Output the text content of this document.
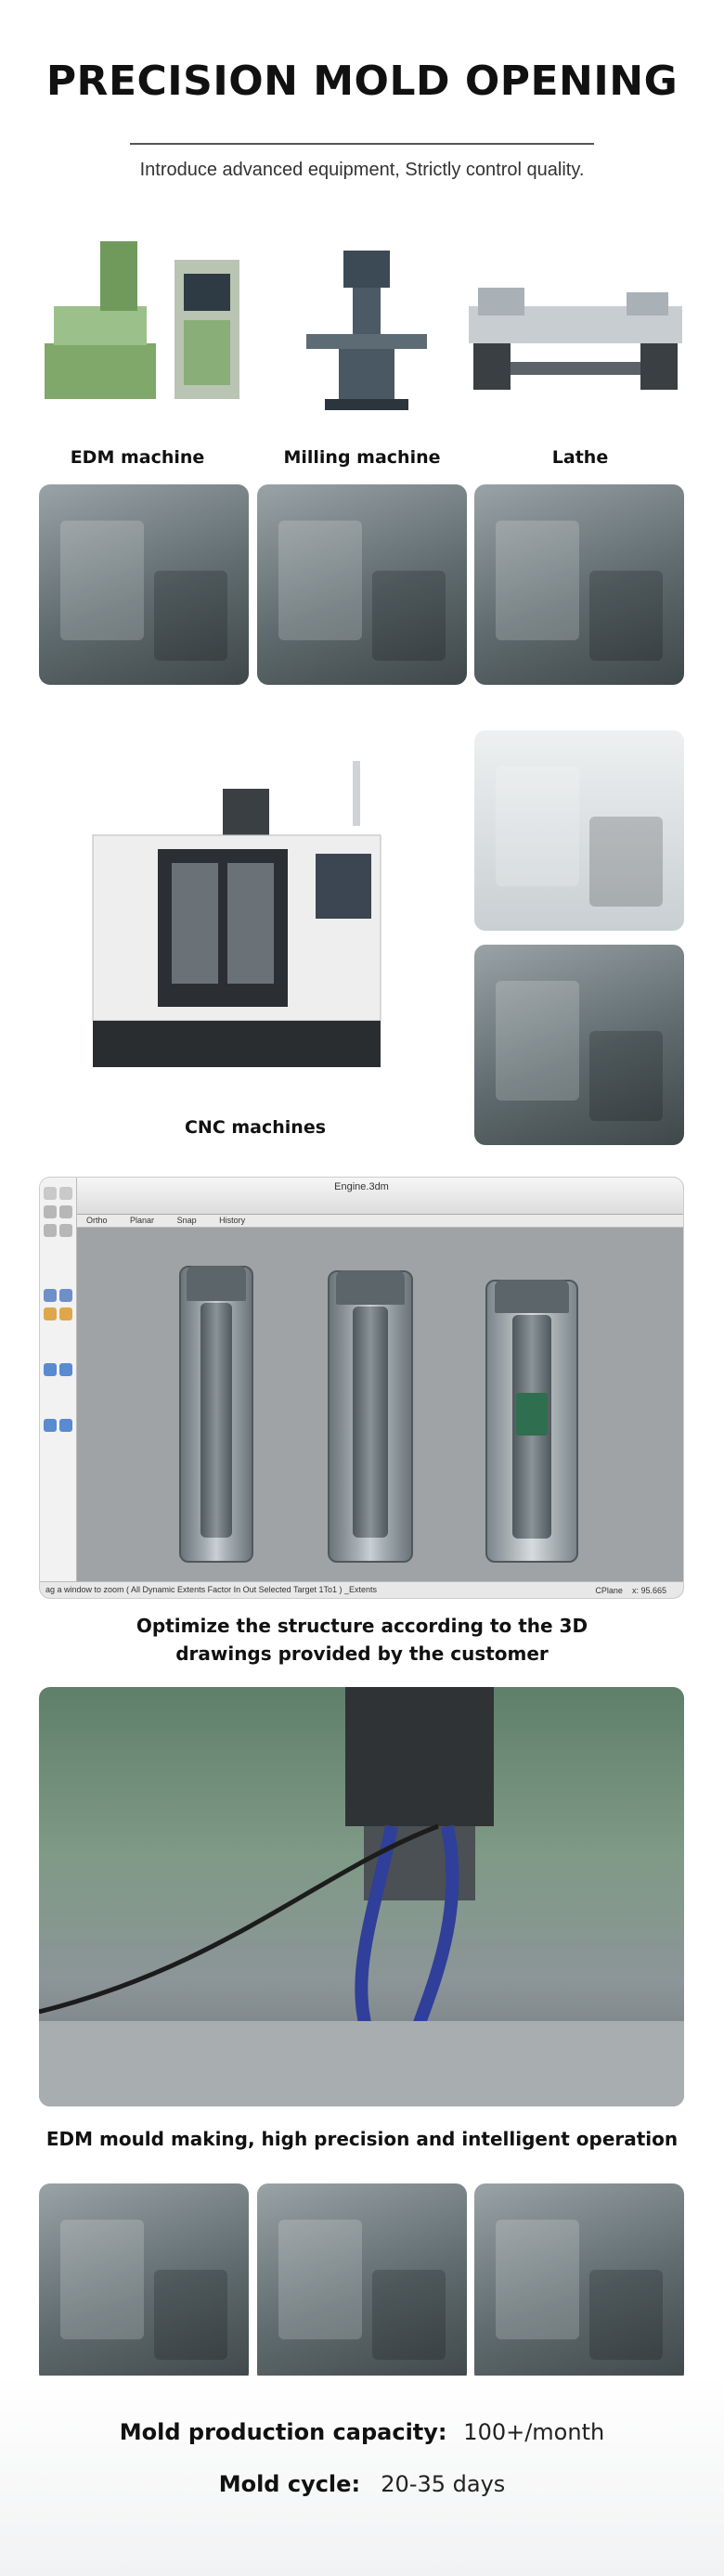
PRECISION MOLD OPENING
Introduce advanced equipment, Strictly control quality.
EDM machine	Milling machine	Lathe
CNC machines
Engine.3dm
Ortho	Planar	Snap	History
ag a window to zoom ( All Dynamic Extents Factor In Out Selected Target 1To1 ) _Extents	CPlane x: 95.665
Optimize the structure according to the 3D drawings provided by the customer
EDM mould making, high precision and intelligent operation
Mold production capacity: 100+/month
Mold cycle: 20-35 days
